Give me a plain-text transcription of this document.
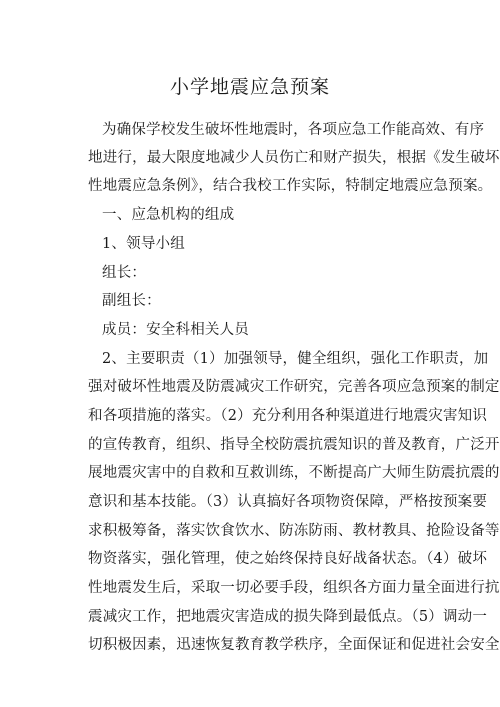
小学地震应急预案
为确保学校发生破坏性地震时，各项应急工作能高效、有序
地进行，最大限度地减少人员伤亡和财产损失，根据《发生破坏
性地震应急条例》，结合我校工作实际，特制定地震应急预案。
一、应急机构的组成
1、领导小组
组长：
副组长：
成员：安全科相关人员
2、主要职责（1）加强领导，健全组织，强化工作职责，加
强对破坏性地震及防震减灾工作研究，完善各项应急预案的制定
和各项措施的落实。（2）充分利用各种渠道进行地震灾害知识
的宣传教育，组织、指导全校防震抗震知识的普及教育，广泛开
展地震灾害中的自救和互救训练，不断提高广大师生防震抗震的
意识和基本技能。（3）认真搞好各项物资保障，严格按预案要
求积极筹备，落实饮食饮水、防冻防雨、教材教具、抢险设备等
物资落实，强化管理，使之始终保持良好战备状态。（4）破坏
性地震发生后，采取一切必要手段，组织各方面力量全面进行抗
震减灾工作，把地震灾害造成的损失降到最低点。（5）调动一
切积极因素，迅速恢复教育教学秩序，全面保证和促进社会安全
